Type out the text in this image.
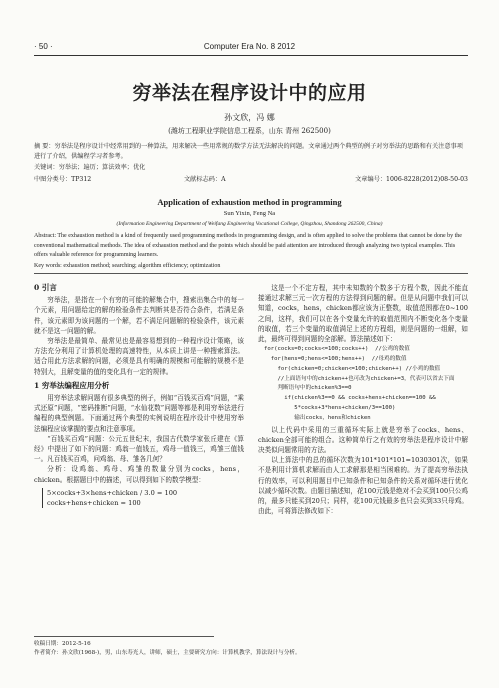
· 50 ·	Computer Era No. 8 2012
穷举法在程序设计中的应用
孙文欣，冯 娜
(潍坊工程职业学院信息工程系，山东 青州 262500)
摘 要：穷举法是程序设计中经常用到的一种算法，用来解决一些用常规的数学方法无法解决的问题。文章通过两个典型的例子对穷举法的思路和有关注意事项进行了介绍，供编程学习者参考。
关键词：穷举法；遍历；算法效率；优化
中图分类号：TP312	文献标志码：A	文章编号：1006-8228(2012)08-50-03
Application of exhaustion method in programming
Sun Yixin, Feng Na
(Information Engineering Department of Weifang Engineering Vocational College, Qingzhou, Shandong 262500, China)
Abstract: The exhaustion method is a kind of frequently used programming methods in programming design, and is often applied to solve the problems that cannot be done by the conventional mathematical methods. The idea of exhaustion method and the points which should be paid attention are introduced through analyzing two typical examples. This offers valuable reference for programming learners.
Key words: exhaustion method; searching; algorithm efficiency; optimization
0 引言
穷举法，是指在一个有穷的可能的解集合中，搜索出集合中的每一个元素，用问题给定的解的检验条件去判断其是否符合条件，若满足条件，该元素即为该问题的一个解，若不满足问题解的检验条件，该元素就不是这一问题的解。
穷举法是最简单、最常见也是最容易想到的一种程序设计策略，该方法充分利用了计算机处理的高速特性，从本质上讲是一种搜索算法。适合用此方法求解的问题，必须是具有明确的规模和可能解的规模不是特别大，且解变量的值的变化具有一定的规律。
1 穷举法编程应用分析
用穷举法求解问题有很多典型的例子，例如“百钱买百鸡”问题，“乘式还原”问题，“密码推断”问题，“水仙花数”问题等都是利用穷举法进行编程的典型例题。下面通过两个典型的实例说明在程序设计中使用穷举法编程应该掌握的要点和注意事项。
“百钱买百鸡”问题：公元五世纪末，我国古代数学家张丘建在《算经》中提出了如下的问题：鸡翁一值钱五，鸡母一值钱三，鸡雏三值钱一。凡百钱买百鸡，问鸡翁、母、雏各几何？
分析：设鸡翁、鸡母、鸡雏的数量分别为cocks，hens，chicken。根据题目中的描述，可以得到如下的数学模型：
5×cocks+3×hens+chicken / 3.0 = 100
cocks+hens+chicken = 100
这是一个不定方程，其中未知数的个数多于方程个数，因此不能直接通过求解三元一次方程的方法得到问题的解。但是从问题中我们可以知道，cocks，hens，chicken都应该为正整数，取值范围都在0~100之间，这样，我们可以在各个变量允许的取值范围内不断变化各个变量的取值，若三个变量的取值满足上述的方程组，则是问题的一组解，如此，最终可得到问题的全部解。算法描述如下：
for(cocks=0;cocks<=100;cocks++)  //公鸡的数值
for(hens=0;hens<=100;hens++)  //母鸡的数值
for(chicken=0;chicken<=100;chicken++) //小鸡的数值
//上面语句中的chicken++也可改为chicken+=3，代表可以省去下面
判断语句中的chicken%3==0
if(chicken%3==0 && cocks+hens+chicken==100 &&
5*cocks+3*hens+chicken/3==100)
输出cocks，hens和chicken
以上代码中采用的三重循环实际上就是穷举了cocks、hens、chicken全部可能的组合。这种简单行之有效的穷举法是程序设计中解决类似问题常用的方法。
以上算法中的总的循环次数为101*101*101=1030301次，如果不是利用计算机求解而由人工求解那是相当困难的。为了提高穷举法执行的效率，可以利用题目中已知条件和已知条件的关系对循环进行优化以减少循环次数。由题目描述知，花100元钱是绝对不会买到100只公鸡的，最多只能买到20只；同样，花100元钱最多也只会买到33只母鸡。由此，可将算法修改如下：
收稿日期：2012-5-16
作者简介：孙文欣(1968-)，男，山东寿光人，讲师，硕士，主要研究方向：计算机教学，算法设计与分析。
